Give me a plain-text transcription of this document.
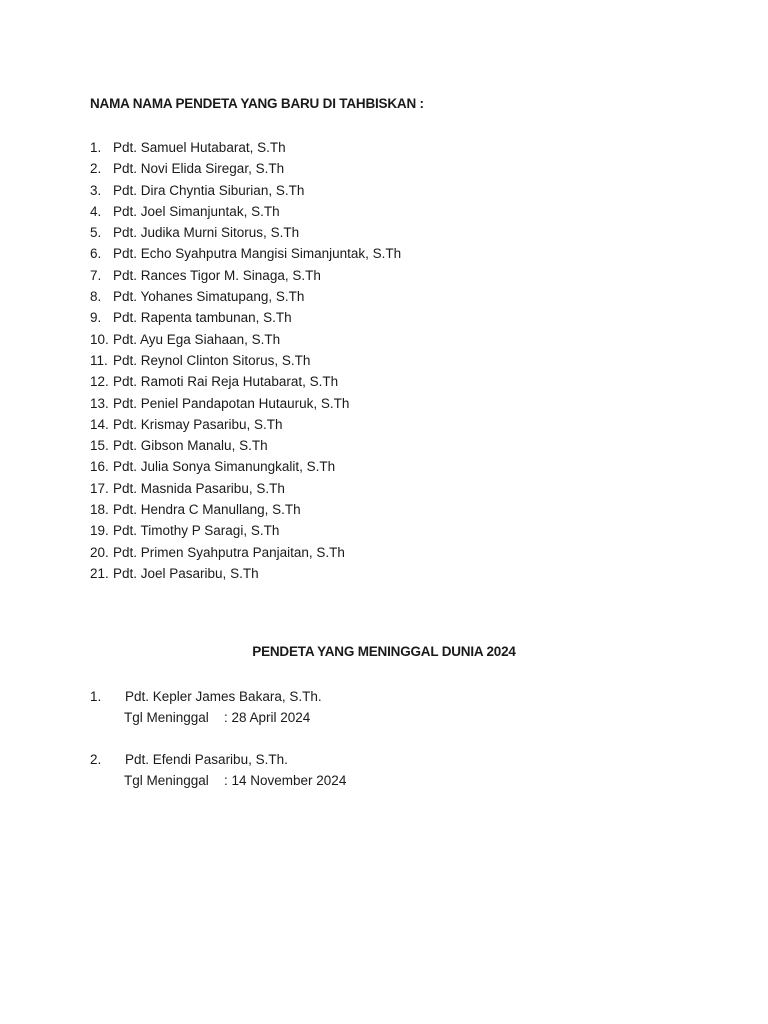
NAMA NAMA PENDETA YANG BARU DI TAHBISKAN :
1. Pdt. Samuel Hutabarat, S.Th
2. Pdt. Novi Elida Siregar, S.Th
3. Pdt. Dira Chyntia Siburian, S.Th
4. Pdt. Joel Simanjuntak, S.Th
5. Pdt. Judika Murni Sitorus, S.Th
6. Pdt. Echo Syahputra Mangisi Simanjuntak, S.Th
7. Pdt. Rances Tigor M. Sinaga, S.Th
8. Pdt. Yohanes Simatupang, S.Th
9. Pdt. Rapenta tambunan, S.Th
10. Pdt. Ayu Ega Siahaan, S.Th
11. Pdt. Reynol Clinton Sitorus, S.Th
12. Pdt. Ramoti Rai Reja Hutabarat, S.Th
13. Pdt. Peniel Pandapotan Hutauruk, S.Th
14. Pdt. Krismay Pasaribu, S.Th
15. Pdt. Gibson Manalu, S.Th
16. Pdt. Julia Sonya Simanungkalit, S.Th
17. Pdt. Masnida Pasaribu, S.Th
18. Pdt. Hendra C Manullang, S.Th
19. Pdt. Timothy P Saragi, S.Th
20. Pdt. Primen Syahputra Panjaitan, S.Th
21. Pdt. Joel Pasaribu, S.Th
PENDETA YANG MENINGGAL DUNIA 2024
1.	Pdt. Kepler James Bakara, S.Th.
Tgl Meninggal	: 28 April 2024
2.	Pdt. Efendi Pasaribu, S.Th.
Tgl Meninggal	: 14 November 2024
